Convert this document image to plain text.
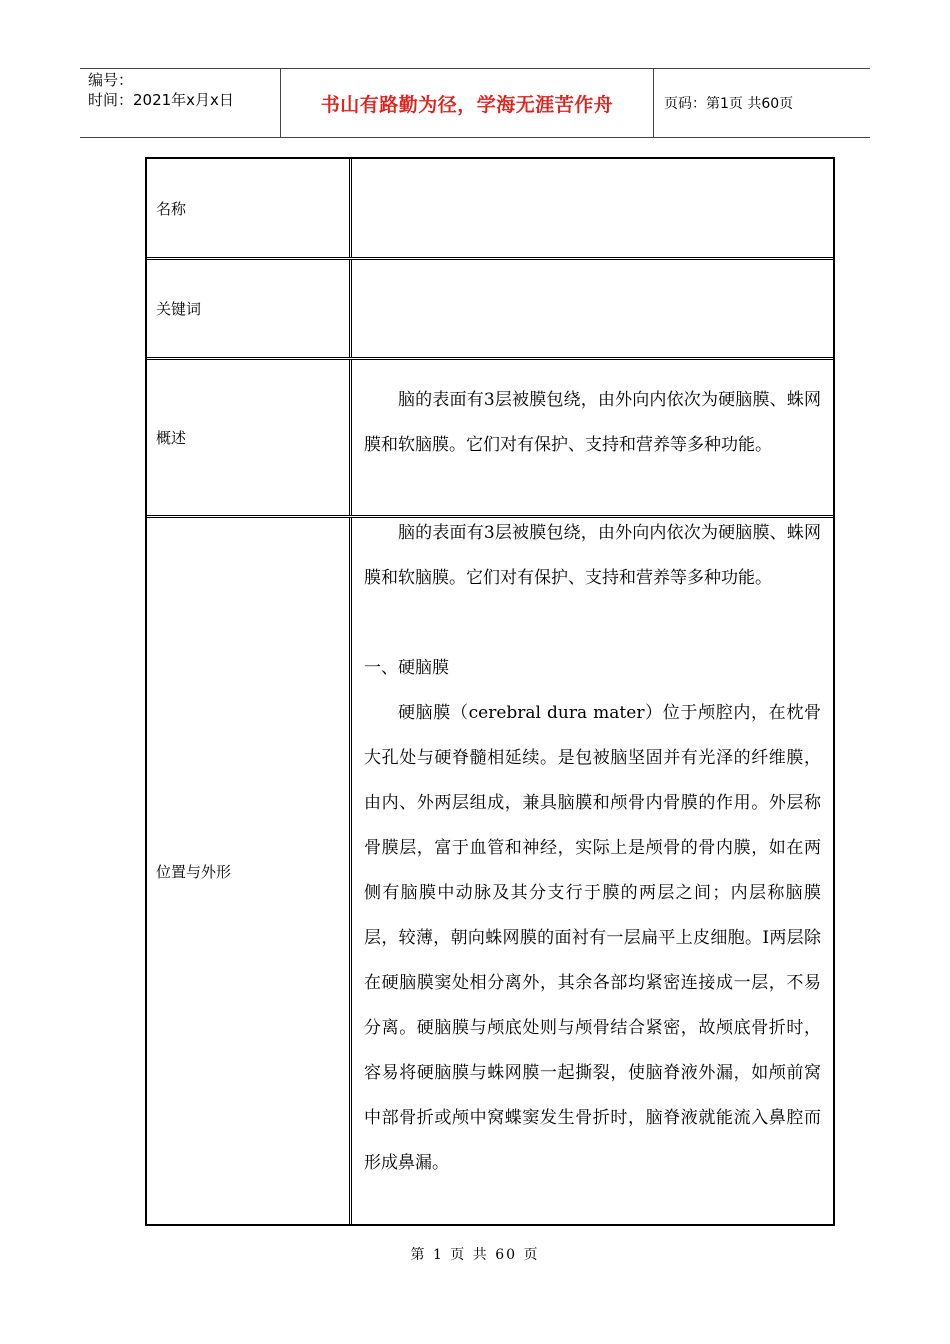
编号：
时间：2021年x月x日	书山有路勤为径，学海无涯苦作舟	页码：第1页 共60页
名称
关键词
概述

脑的表面有3层被膜包绕，由外向内依次为硬脑膜、蛛网膜和软脑膜。它们对有保护、支持和营养等多种功能。

位置与外形

脑的表面有3层被膜包绕，由外向内依次为硬脑膜、蛛网膜和软脑膜。它们对有保护、支持和营养等多种功能。

一、硬脑膜

硬脑膜（cerebral dura mater）位于颅腔内，在枕骨大孔处与硬脊髓相延续。是包被脑坚固并有光泽的纤维膜，由内、外两层组成，兼具脑膜和颅骨内骨膜的作用。外层称骨膜层，富于血管和神经，实际上是颅骨的骨内膜，如在两侧有脑膜中动脉及其分支行于膜的两层之间；内层称脑膜层，较薄，朝向蛛网膜的面衬有一层扁平上皮细胞。I两层除在硬脑膜窦处相分离外，其余各部均紧密连接成一层，不易分离。硬脑膜与颅底处则与颅骨结合紧密，故颅底骨折时，容易将硬脑膜与蛛网膜一起撕裂，使脑脊液外漏，如颅前窝中部骨折或颅中窝蝶窦发生骨折时，脑脊液就能流入鼻腔而形成鼻漏。

第 1 页 共 60 页
